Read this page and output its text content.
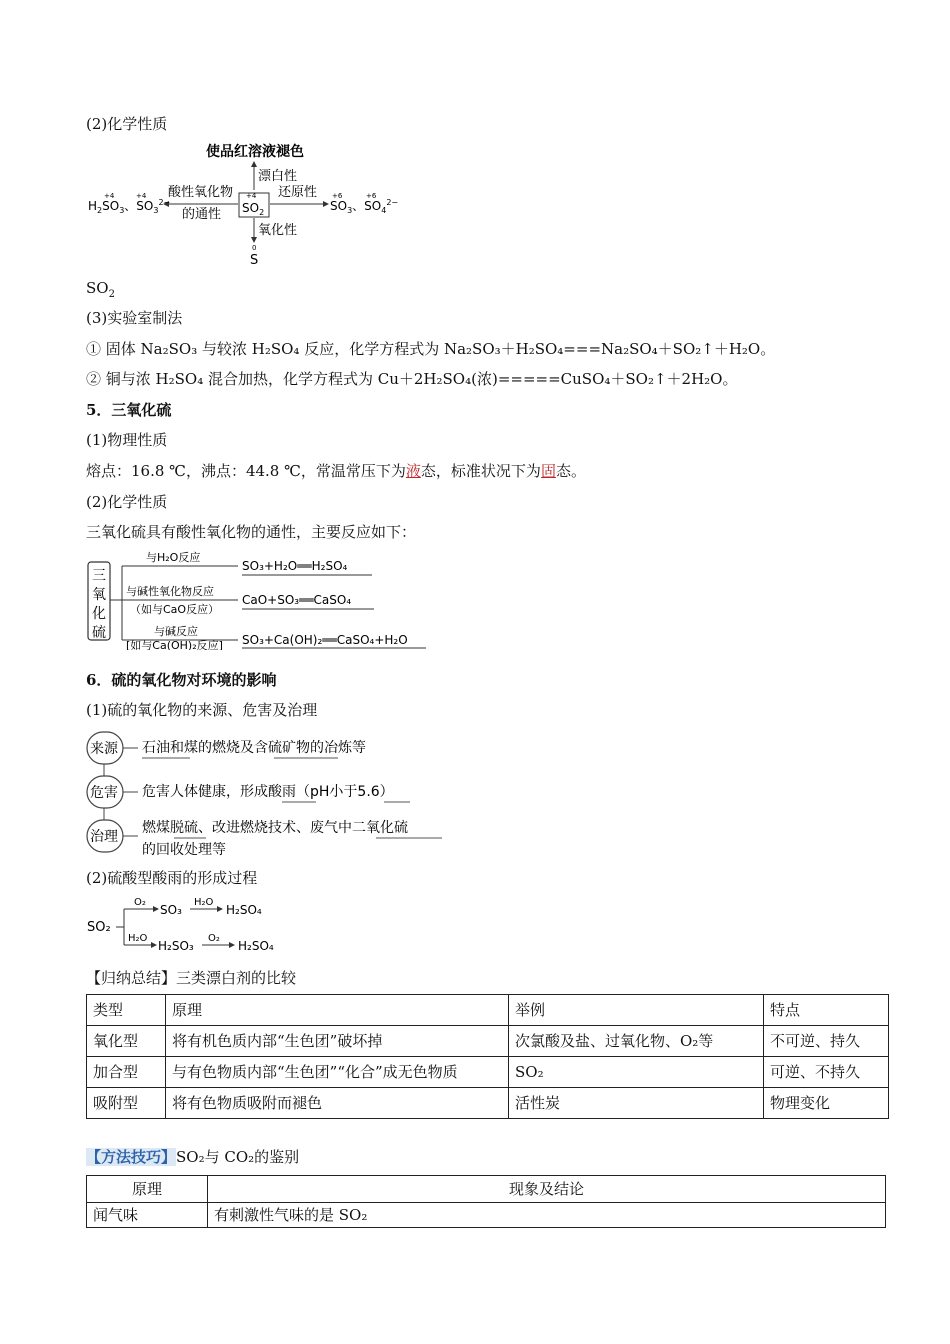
(2)化学性质
使品红溶液褪色
漂白性
酸性氧化物
的通性
$H_2SO_3$、$SO_3^{2-}$
+4	+4	+4
$SO_2$
还原性
$SO_3$、$SO_4^{2-}$
+6	+6
氧化性
0
S
$SO_2$
(3)实验室制法
① 固体 Na₂SO₃ 与较浓 H₂SO₄ 反应，化学方程式为 Na₂SO₃＋H₂SO₄===Na₂SO₄＋SO₂↑＋H₂O。
② 铜与浓 H₂SO₄ 混合加热，化学方程式为 Cu＋2H₂SO₄(浓)=====CuSO₄＋SO₂↑＋2H₂O。
5．三氧化硫
(1)物理性质
熔点：16.8 ℃，沸点：44.8 ℃，常温常压下为液态，标准状况下为固态。
(2)化学性质
三氧化硫具有酸性氧化物的通性，主要反应如下：
三
氧
化
硫
与H₂O反应
SO₃+H₂O══H₂SO₄
与碱性氧化物反应
（如与CaO反应）
CaO+SO₃══CaSO₄
与碱反应
[如与Ca(OH)₂反应] SO₃+Ca(OH)₂══CaSO₄+H₂O
6．硫的氧化物对环境的影响
(1)硫的氧化物的来源、危害及治理
来源 石油和煤的燃烧及含硫矿物的冶炼等
危害 危害人体健康，形成酸雨（pH小于5.6）
治理
燃煤脱硫、改进燃烧技术、废气中二氧化硫
的回收处理等
(2)硫酸型酸雨的形成过程
SO₂
O₂
SO₃
H₂O
H₂SO₄
H₂O
H₂SO₃
O₂
H₂SO₄
【归纳总结】三类漂白剂的比较
类型	原理	举例	特点
氧化型	将有机色质内部“生色团”破坏掉	次氯酸及盐、过氧化物、O₂等	不可逆、持久
加合型	与有色物质内部“生色团”“化合”成无色物质	SO₂	可逆、不持久
吸附型	将有色物质吸附而褪色	活性炭	物理变化
【方法技巧】SO₂与 CO₂的鉴别
原理	现象及结论
闻气味	有刺激性气味的是 SO₂
